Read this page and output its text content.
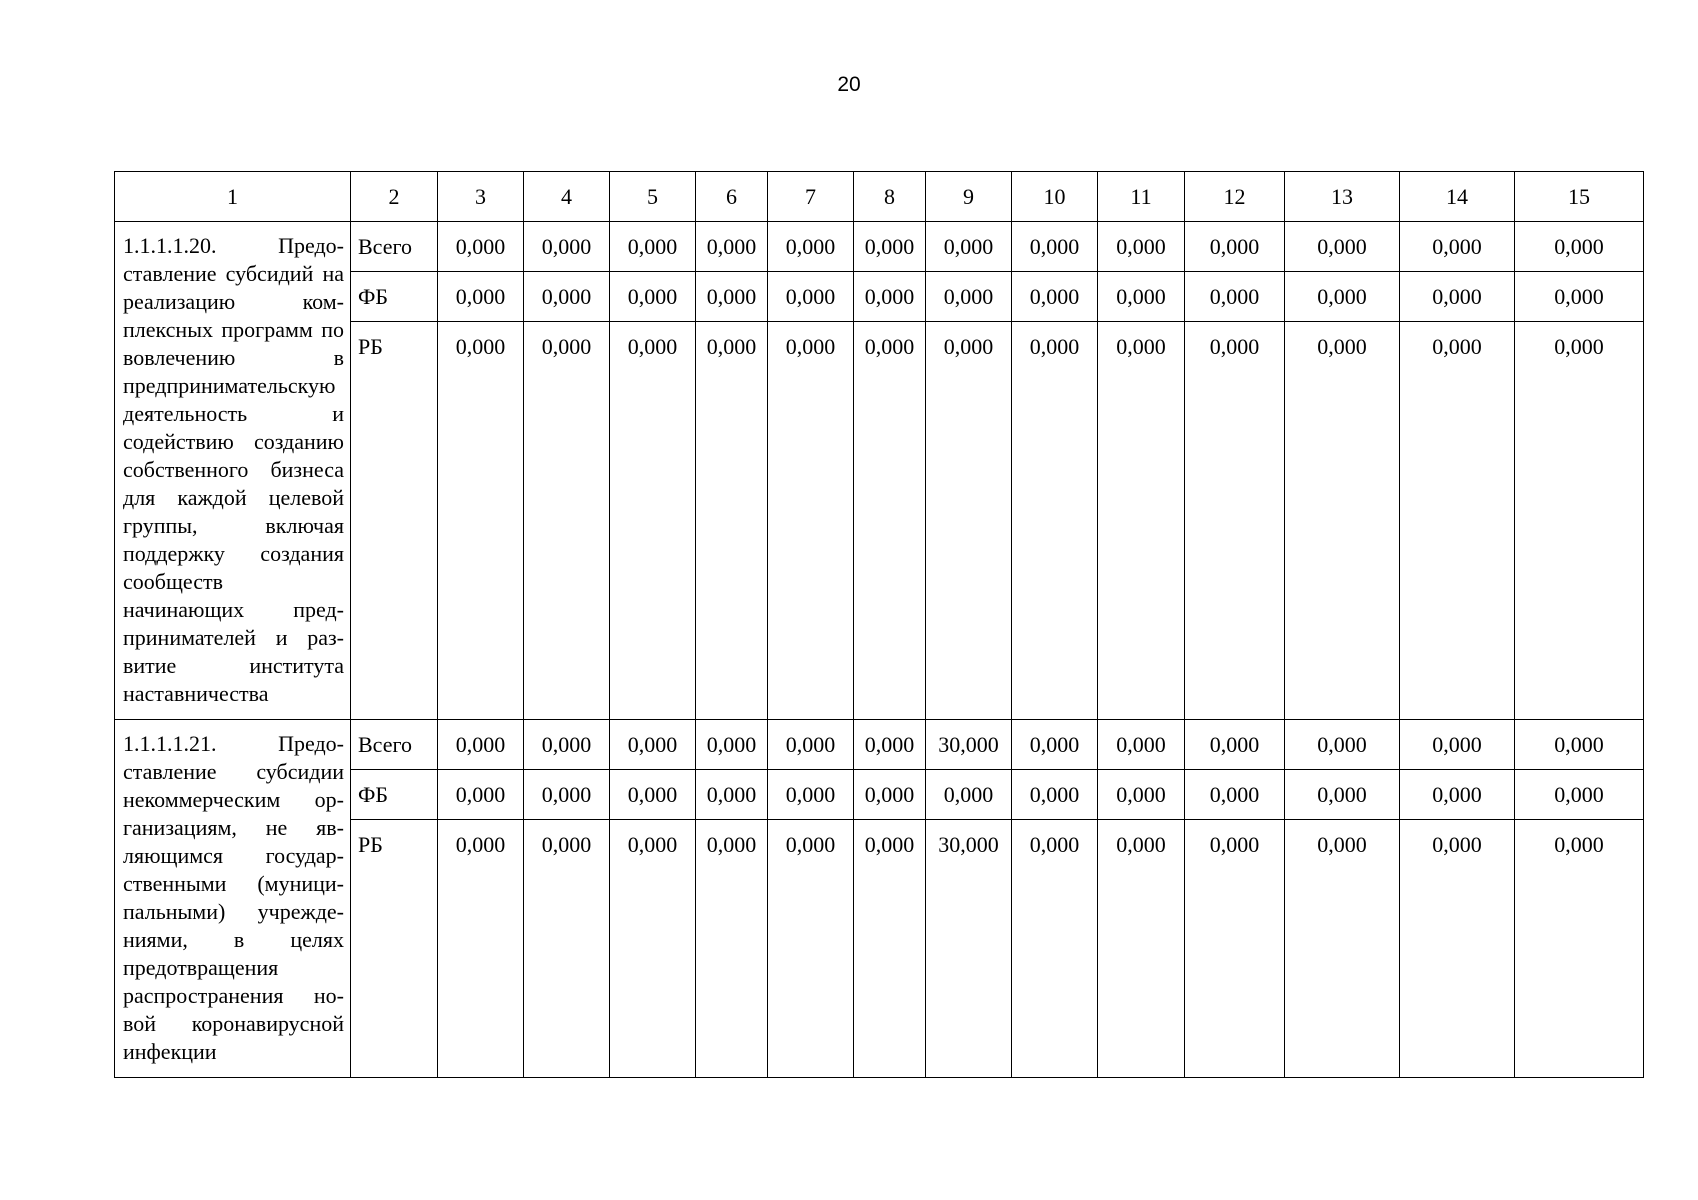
20
1	2	3	4	5	6	7	8	9	10	11	12	13	14	15
1.1.1.1.20. Предоставление субсидий на реализацию комплексных программ по вовлечению в предпринимательскую деятельность и содействию созданию собственного бизнеса для каждой целевой группы, включая поддержку создания сообществ начинающих предпринимателей и развитие института наставничества	Всего	0,000	0,000	0,000	0,000	0,000	0,000	0,000	0,000	0,000	0,000	0,000	0,000	0,000
	ФБ	0,000	0,000	0,000	0,000	0,000	0,000	0,000	0,000	0,000	0,000	0,000	0,000	0,000
	РБ	0,000	0,000	0,000	0,000	0,000	0,000	0,000	0,000	0,000	0,000	0,000	0,000	0,000
1.1.1.1.21. Предоставление субсидии некоммерческим организациям, не являющимся государственными (муниципальными) учреждениями, в целях предотвращения распространения новой коронавирусной инфекции	Всего	0,000	0,000	0,000	0,000	0,000	0,000	30,000	0,000	0,000	0,000	0,000	0,000	0,000
	ФБ	0,000	0,000	0,000	0,000	0,000	0,000	0,000	0,000	0,000	0,000	0,000	0,000	0,000
	РБ	0,000	0,000	0,000	0,000	0,000	0,000	30,000	0,000	0,000	0,000	0,000	0,000	0,000
